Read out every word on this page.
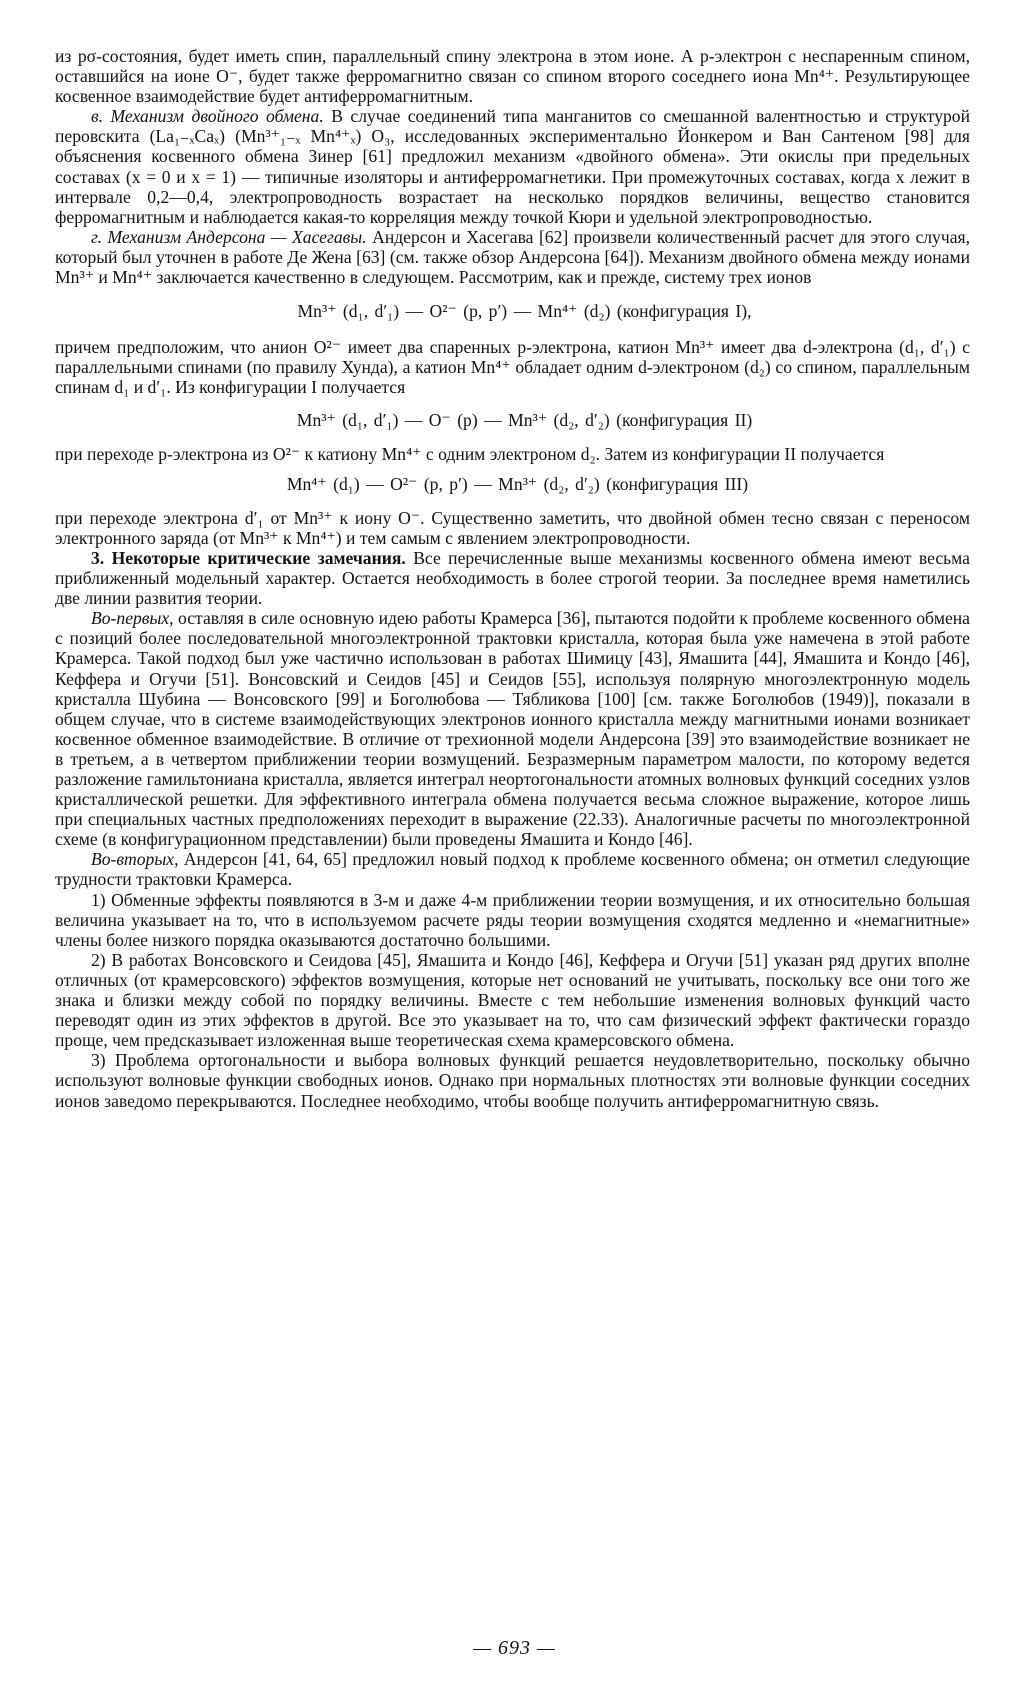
из pσ-состояния, будет иметь спин, параллельный спину электрона в этом ионе. А p-электрон с неспаренным спином, оставшийся на ионе O⁻, будет также ферромагнитно связан со спином второго соседнего иона Mn⁴⁺. Результирующее косвенное взаимодействие будет антиферромагнитным.

в. Механизм двойного обмена. В случае соединений типа манганитов со смешанной валентностью и структурой перовскита (La₁₋ₓCaₓ) (Mn³⁺₁₋ₓ Mn⁴⁺ₓ) O₃, исследованных экспериментально Йонкером и Ван Сантеном [98] для объяснения косвенного обмена Зинер [61] предложил механизм «двойного обмена». Эти окислы при предельных составах (x = 0 и x = 1) — типичные изоляторы и антиферромагнетики. При промежуточных составах, когда x лежит в интервале 0,2—0,4, электропроводность возрастает на несколько порядков величины, вещество становится ферромагнитным и наблюдается какая-то корреляция между точкой Кюри и удельной электропроводностью.

г. Механизм Андерсона — Хасегавы. Андерсон и Хасегава [62] произвели количественный расчет для этого случая, который был уточнен в работе Де Жена [63] (см. также обзор Андерсона [64]). Механизм двойного обмена между ионами Mn³⁺ и Mn⁴⁺ заключается качественно в следующем. Рассмотрим, как и прежде, систему трех ионов

Mn³⁺ (d₁, d′₁) — O²⁻ (p, p′) — Mn⁴⁺ (d₂) (конфигурация I),

причем предположим, что анион O²⁻ имеет два спаренных p-электрона, катион Mn³⁺ имеет два d-электрона (d₁, d′₁) с параллельными спинами (по правилу Хунда), а катион Mn⁴⁺ обладает одним d-электроном (d₂) со спином, параллельным спинам d₁ и d′₁. Из конфигурации I получается

Mn³⁺ (d₁, d′₁) — O⁻ (p) — Mn³⁺ (d₂, d′₂) (конфигурация II)

при переходе p-электрона из O²⁻ к катиону Mn⁴⁺ с одним электроном d₂. Затем из конфигурации II получается

Mn⁴⁺ (d₁) — O²⁻ (p, p′) — Mn³⁺ (d₂, d′₂) (конфигурация III)

при переходе электрона d′₁ от Mn³⁺ к иону O⁻. Существенно заметить, что двойной обмен тесно связан с переносом электронного заряда (от Mn³⁺ к Mn⁴⁺) и тем самым с явлением электропроводности.

3. Некоторые критические замечания. Все перечисленные выше механизмы косвенного обмена имеют весьма приближенный модельный характер. Остается необходимость в более строгой теории. За последнее время наметились две линии развития теории.

Во-первых, оставляя в силе основную идею работы Крамерса [36], пытаются подойти к проблеме косвенного обмена с позиций более последовательной многоэлектронной трактовки кристалла, которая была уже намечена в этой работе Крамерса. Такой подход был уже частично использован в работах Шимицу [43], Ямашита [44], Ямашита и Кондо [46], Кеффера и Огучи [51]. Вонсовский и Сеидов [45] и Сеидов [55], используя полярную многоэлектронную модель кристалла Шубина — Вонсовского [99] и Боголюбова — Тябликова [100] [см. также Боголюбов (1949)], показали в общем случае, что в системе взаимодействующих электронов ионного кристалла между магнитными ионами возникает косвенное обменное взаимодействие. В отличие от трехионной модели Андерсона [39] это взаимодействие возникает не в третьем, а в четвертом приближении теории возмущений. Безразмерным параметром малости, по которому ведется разложение гамильтониана кристалла, является интеграл неортогональности атомных волновых функций соседних узлов кристаллической решетки. Для эффективного интеграла обмена получается весьма сложное выражение, которое лишь при специальных частных предположениях переходит в выражение (22.33). Аналогичные расчеты по многоэлектронной схеме (в конфигурационном представлении) были проведены Ямашита и Кондо [46].

Во-вторых, Андерсон [41, 64, 65] предложил новый подход к проблеме косвенного обмена; он отметил следующие трудности трактовки Крамерса.

1) Обменные эффекты появляются в 3-м и даже 4-м приближении теории возмущения, и их относительно большая величина указывает на то, что в используемом расчете ряды теории возмущения сходятся медленно и «немагнитные» члены более низкого порядка оказываются достаточно большими.

2) В работах Вонсовского и Сеидова [45], Ямашита и Кондо [46], Кеффера и Огучи [51] указан ряд других вполне отличных (от крамерсовского) эффектов возмущения, которые нет оснований не учитывать, поскольку все они того же знака и близки между собой по порядку величины. Вместе с тем небольшие изменения волновых функций часто переводят один из этих эффектов в другой. Все это указывает на то, что сам физический эффект фактически гораздо проще, чем предсказывает изложенная выше теоретическая схема крамерсовского обмена.

3) Проблема ортогональности и выбора волновых функций решается неудовлетворительно, поскольку обычно используют волновые функции свободных ионов. Однако при нормальных плотностях эти волновые функции соседних ионов заведомо перекрываются. Последнее необходимо, чтобы вообще получить антиферромагнитную связь.

— 693 —
